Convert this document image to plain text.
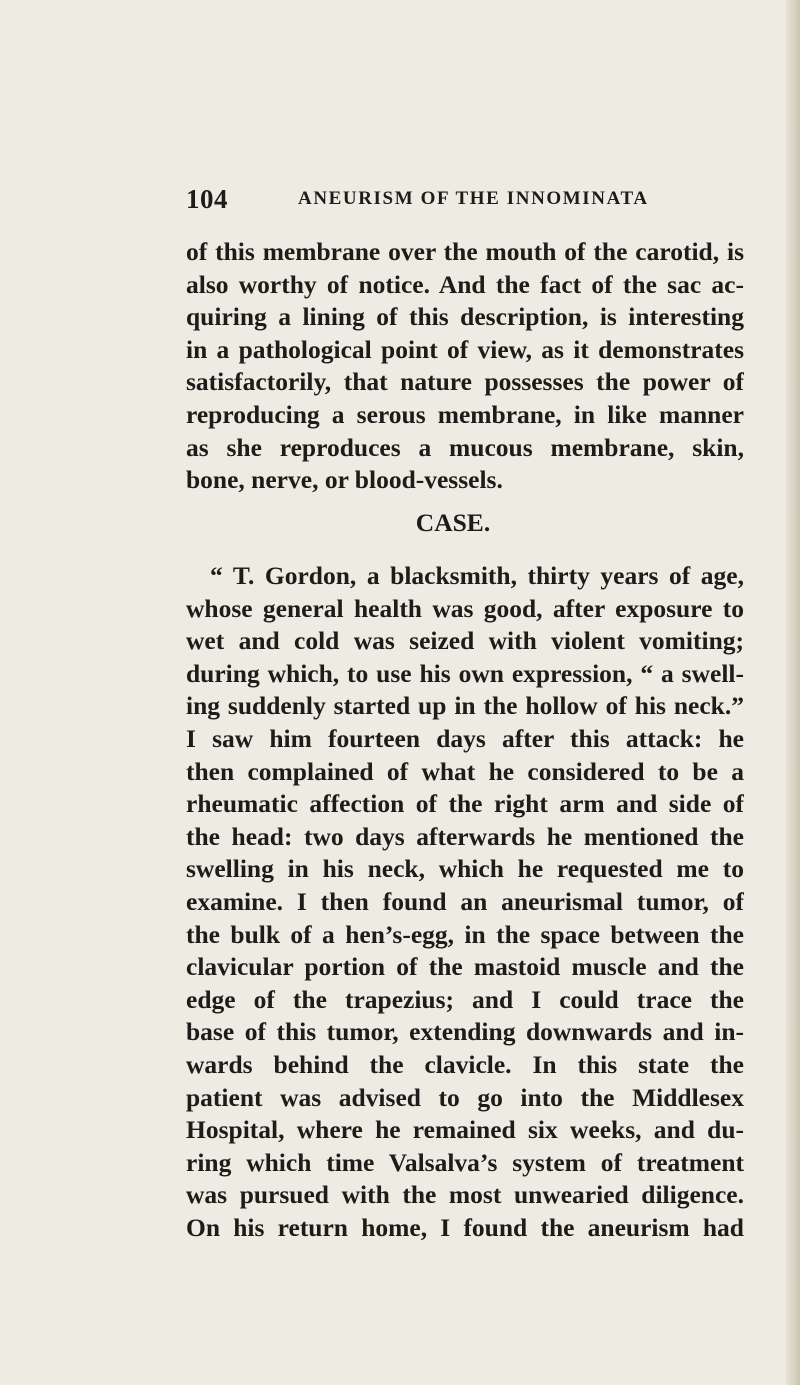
104	ANEURISM OF THE INNOMINATA
of this membrane over the mouth of the carotid, is
also worthy of notice. And the fact of the sac ac-
quiring a lining of this description, is interesting
in a pathological point of view, as it demonstrates
satisfactorily, that nature possesses the power of
reproducing a serous membrane, in like manner
as she reproduces a mucous membrane, skin,
bone, nerve, or blood-vessels.
CASE.
“ T. Gordon, a blacksmith, thirty years of age,
whose general health was good, after exposure to
wet and cold was seized with violent vomiting;
during which, to use his own expression, “ a swell-
ing suddenly started up in the hollow of his neck.”
I saw him fourteen days after this attack: he
then complained of what he considered to be a
rheumatic affection of the right arm and side of
the head: two days afterwards he mentioned the
swelling in his neck, which he requested me to
examine. I then found an aneurismal tumor, of
the bulk of a hen’s-egg, in the space between the
clavicular portion of the mastoid muscle and the
edge of the trapezius; and I could trace the
base of this tumor, extending downwards and in-
wards behind the clavicle. In this state the
patient was advised to go into the Middlesex
Hospital, where he remained six weeks, and du-
ring which time Valsalva’s system of treatment
was pursued with the most unwearied diligence.
On his return home, I found the aneurism had
